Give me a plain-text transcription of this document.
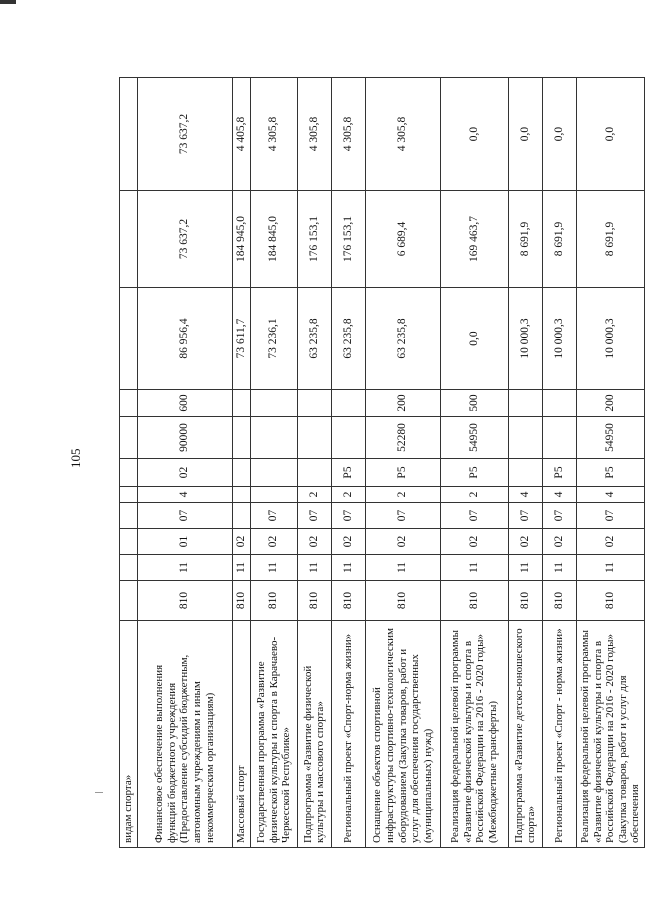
105
видам спорта»											
Финансовое обеспечение выполнения функций бюджетного учреждения (Предоставление субсидий бюджетным, автономным учреждениям и иным некоммерческим организациям)	810	11	01	07	4	02	90000	600	86 956,4	73 637,2	73 637,2
Массовый спорт	810	11	02						73 611,7	184 945,0	4 405,8
Государственная программа «Развитие физической культуры и спорта в Карачаево-Черкесской Республике»	810	11	02	07					73 236,1	184 845,0	4 305,8
Подпрограмма «Развитие физической культуры и массового спорта»	810	11	02	07	2				63 235,8	176 153,1	4 305,8
Региональный проект «Спорт-норма жизни»	810	11	02	07	2	P5			63 235,8	176 153,1	4 305,8
Оснащение объектов спортивной инфраструктуры спортивно-технологическим оборудованием (Закупка товаров, работ и услуг для обеспечения государственных (муниципальных) нужд)	810	11	02	07	2	P5	52280	200	63 235,8	6 689,4	4 305,8
Реализация федеральной целевой программы «Развитие физической культуры и спорта в Российской Федерации на 2016 - 2020 годы» (Межбюджетные трансферты)	810	11	02	07	2	P5	54950	500	0,0	169 463,7	0,0
Подпрограмма «Развитие детско-юношеского спорта»	810	11	02	07	4				10 000,3	8 691,9	0,0
Региональный проект «Спорт - норма жизни»	810	11	02	07	4	P5			10 000,3	8 691,9	0,0
Реализация федеральной целевой программы «Развитие физической культуры и спорта в Российской Федерации на 2016 - 2020 годы» (Закупка товаров, работ и услуг для обеспечения	810	11	02	07	4	P5	54950	200	10 000,3	8 691,9	0,0
